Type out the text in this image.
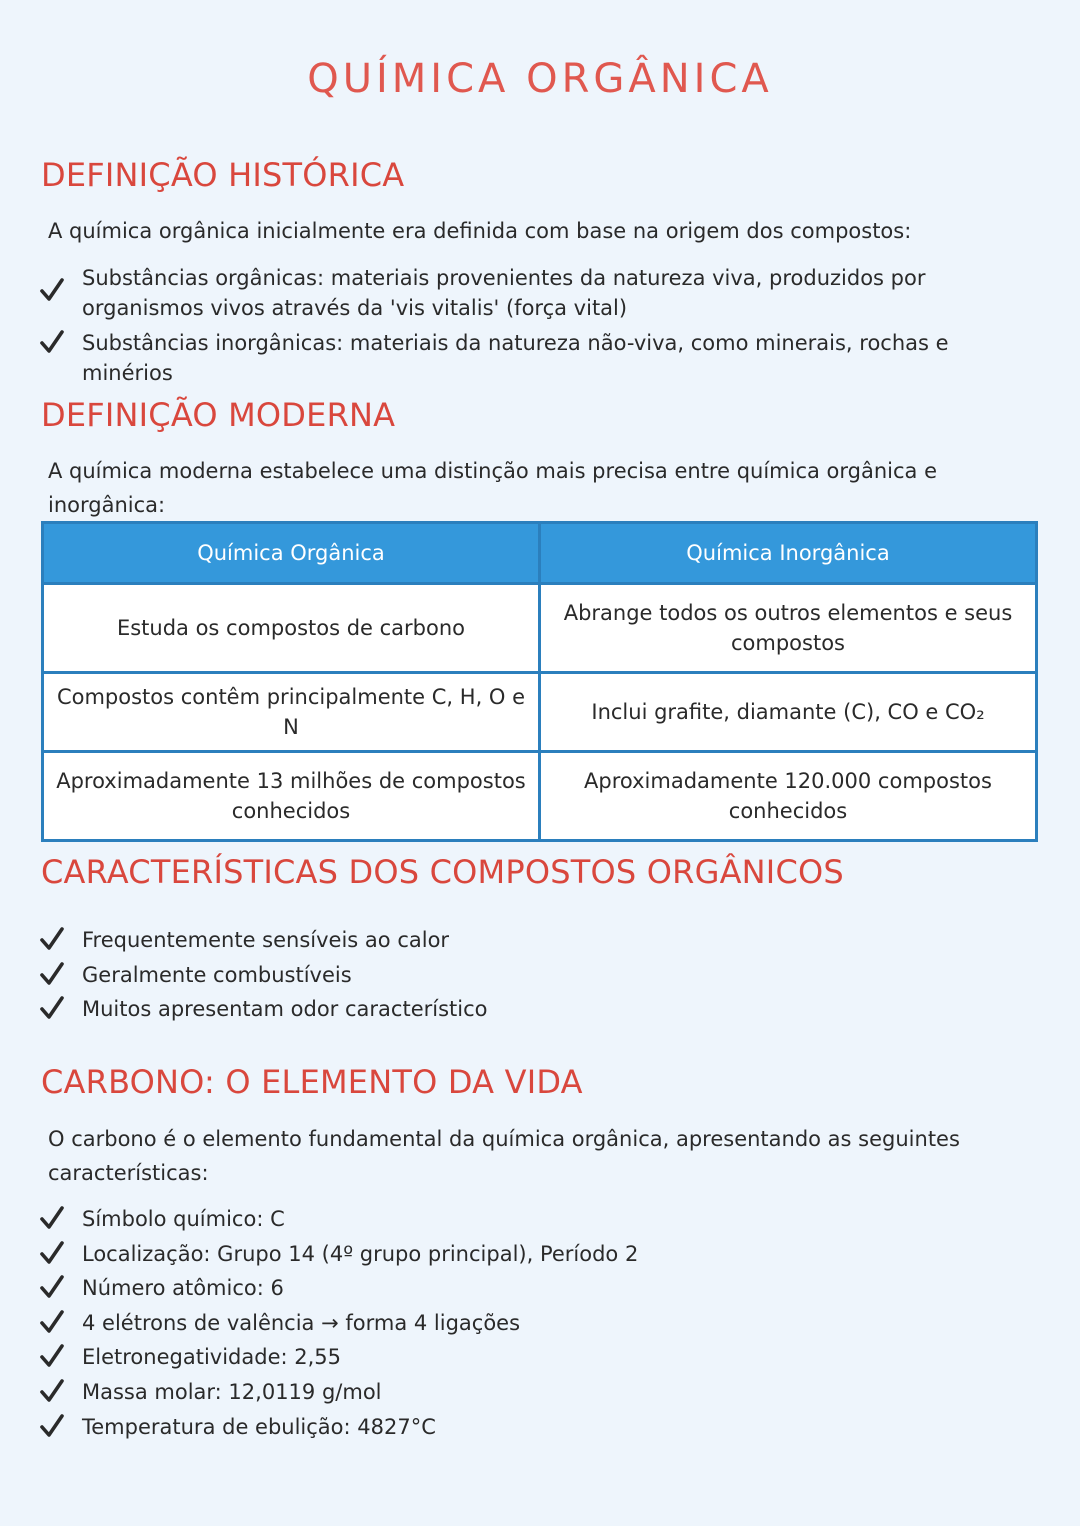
QUÍMICA ORGÂNICA
DEFINIÇÃO HISTÓRICA

A química orgânica inicialmente era definida com base na origem dos compostos:

Substâncias orgânicas: materiais provenientes da natureza viva, produzidos por organismos vivos através da 'vis vitalis' (força vital)
Substâncias inorgânicas: materiais da natureza não-viva, como minerais, rochas e minérios
DEFINIÇÃO MODERNA

A química moderna estabelece uma distinção mais precisa entre química orgânica e inorgânica:

Química Orgânica	Química Inorgânica
Estuda os compostos de carbono	Abrange todos os outros elementos e seus compostos
Compostos contêm principalmente C, H, O e N	Inclui grafite, diamante (C), CO e CO₂
Aproximadamente 13 milhões de compostos conhecidos	Aproximadamente 120.000 compostos conhecidos
CARACTERÍSTICAS DOS COMPOSTOS ORGÂNICOS
Frequentemente sensíveis ao calor
Geralmente combustíveis
Muitos apresentam odor característico
CARBONO: O ELEMENTO DA VIDA

O carbono é o elemento fundamental da química orgânica, apresentando as seguintes características:

Símbolo químico: C
Localização: Grupo 14 (4º grupo principal), Período 2
Número atômico: 6
4 elétrons de valência → forma 4 ligações
Eletronegatividade: 2,55
Massa molar: 12,0119 g/mol
Temperatura de ebulição: 4827°C
